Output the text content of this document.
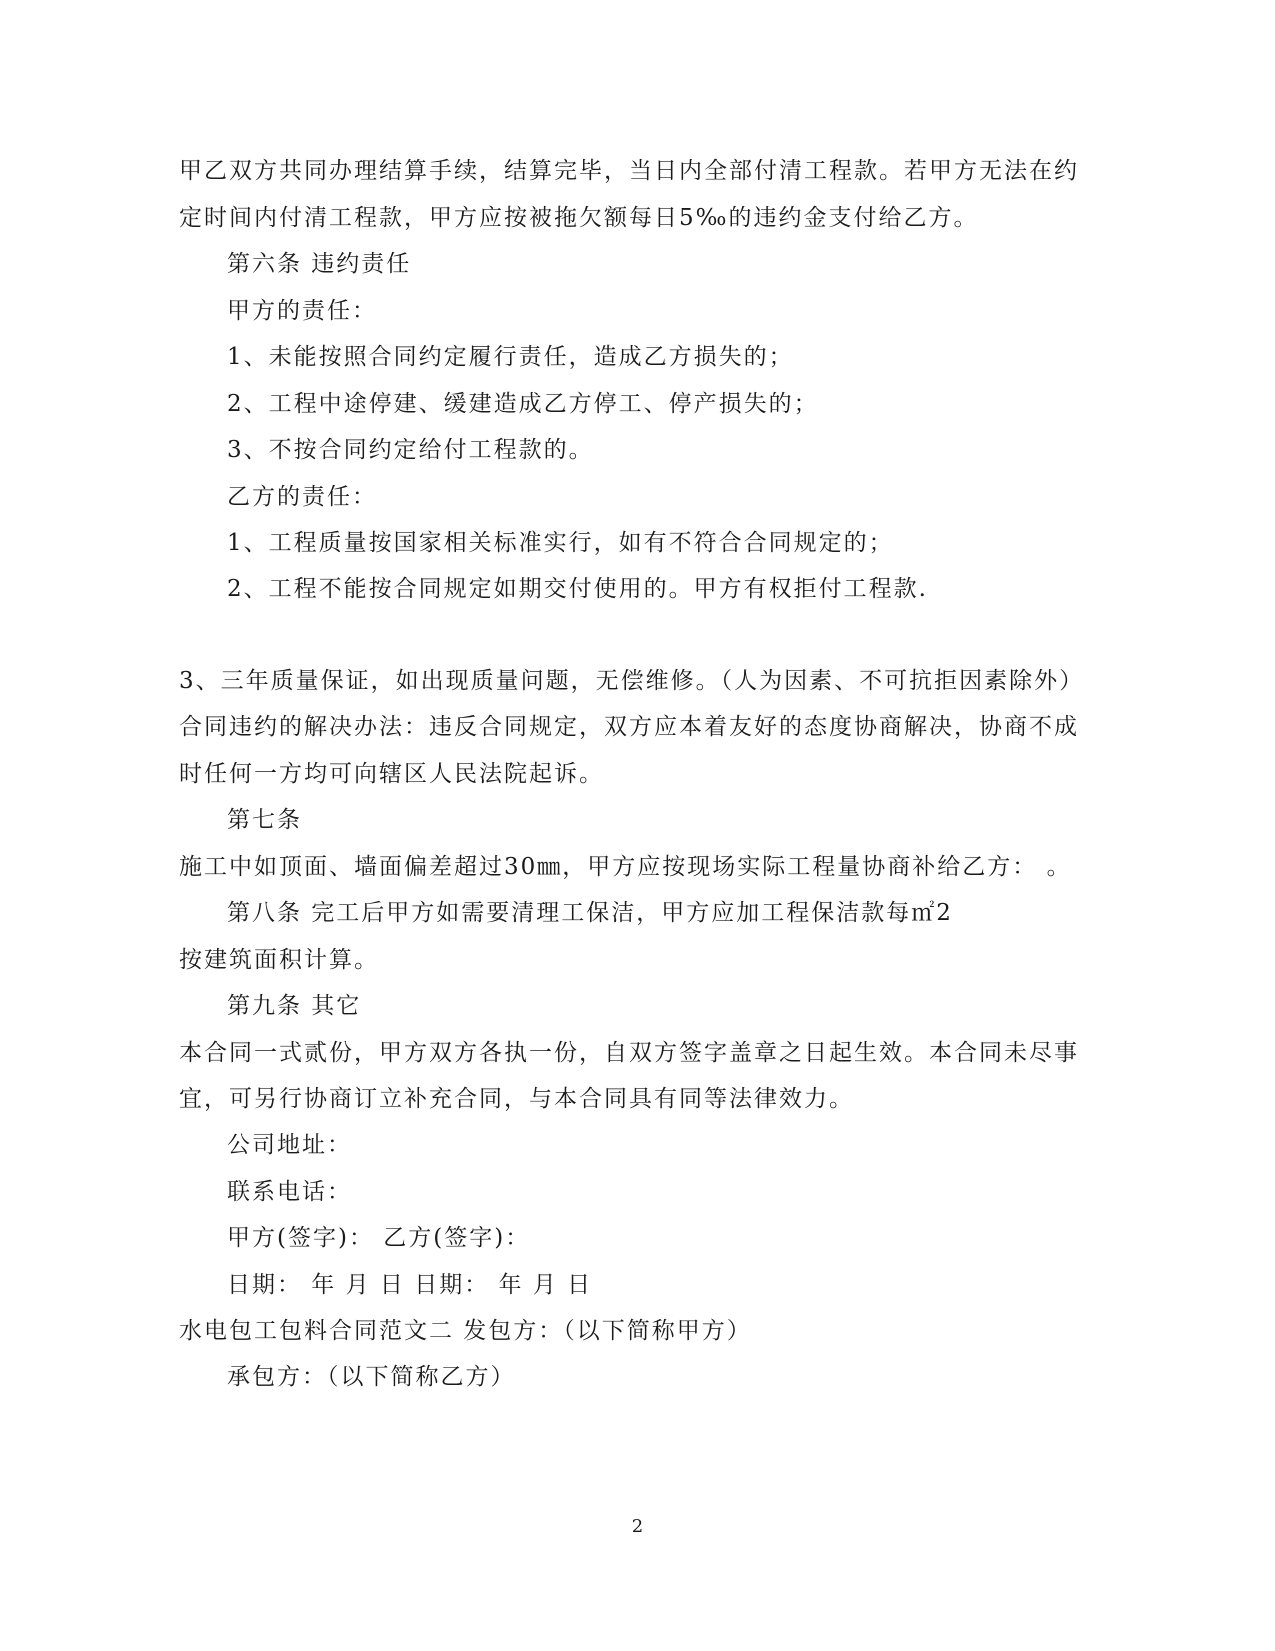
甲乙双方共同办理结算手续，结算完毕，当日内全部付清工程款。若甲方无法在约
定时间内付清工程款，甲方应按被拖欠额每日5‰的违约金支付给乙方。
第六条 违约责任
甲方的责任：
1、未能按照合同约定履行责任，造成乙方损失的；
2、工程中途停建、缓建造成乙方停工、停产损失的；
3、不按合同约定给付工程款的。
乙方的责任：
1、工程质量按国家相关标准实行，如有不符合合同规定的；
2、工程不能按合同规定如期交付使用的。甲方有权拒付工程款.
3、三年质量保证，如出现质量问题，无偿维修。（人为因素、不可抗拒因素除外）
合同违约的解决办法：违反合同规定，双方应本着友好的态度协商解决，协商不成
时任何一方均可向辖区人民法院起诉。
第七条
施工中如顶面、墙面偏差超过30㎜，甲方应按现场实际工程量协商补给乙方： 。
第八条 完工后甲方如需要清理工保洁，甲方应加工程保洁款每㎡2
按建筑面积计算。
第九条 其它
本合同一式贰份，甲方双方各执一份，自双方签字盖章之日起生效。本合同未尽事
宜，可另行协商订立补充合同，与本合同具有同等法律效力。
公司地址：
联系电话：
甲方(签字)： 乙方(签字)：
日期： 年 月 日 日期： 年 月 日
水电包工包料合同范文二 发包方：（以下简称甲方）
承包方：（以下简称乙方）
2
